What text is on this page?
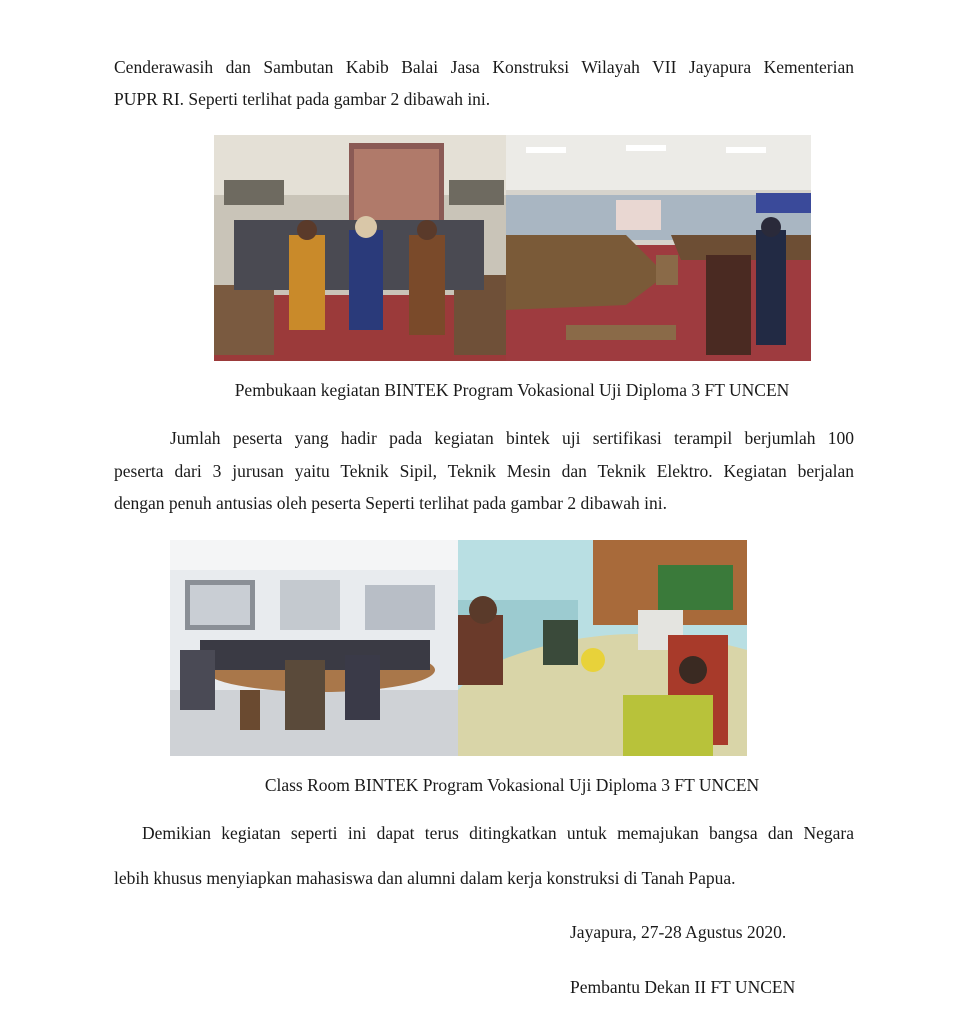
Cenderawasih dan Sambutan Kabib Balai Jasa Konstruksi Wilayah VII Jayapura Kementerian
PUPR RI. Seperti terlihat pada gambar 2 dibawah ini.
Pembukaan kegiatan BINTEK Program Vokasional Uji Diploma 3 FT UNCEN
Jumlah peserta yang hadir pada kegiatan bintek uji sertifikasi terampil berjumlah 100
peserta dari 3 jurusan yaitu Teknik Sipil, Teknik Mesin dan Teknik Elektro. Kegiatan berjalan
dengan penuh antusias oleh peserta Seperti terlihat pada gambar 2 dibawah ini.
Class Room BINTEK Program Vokasional Uji Diploma 3 FT UNCEN
Demikian kegiatan seperti ini dapat terus ditingkatkan untuk memajukan bangsa dan Negara
lebih khusus menyiapkan mahasiswa dan alumni dalam kerja konstruksi di Tanah Papua.
Jayapura, 27-28 Agustus 2020.
Pembantu Dekan II FT UNCEN
